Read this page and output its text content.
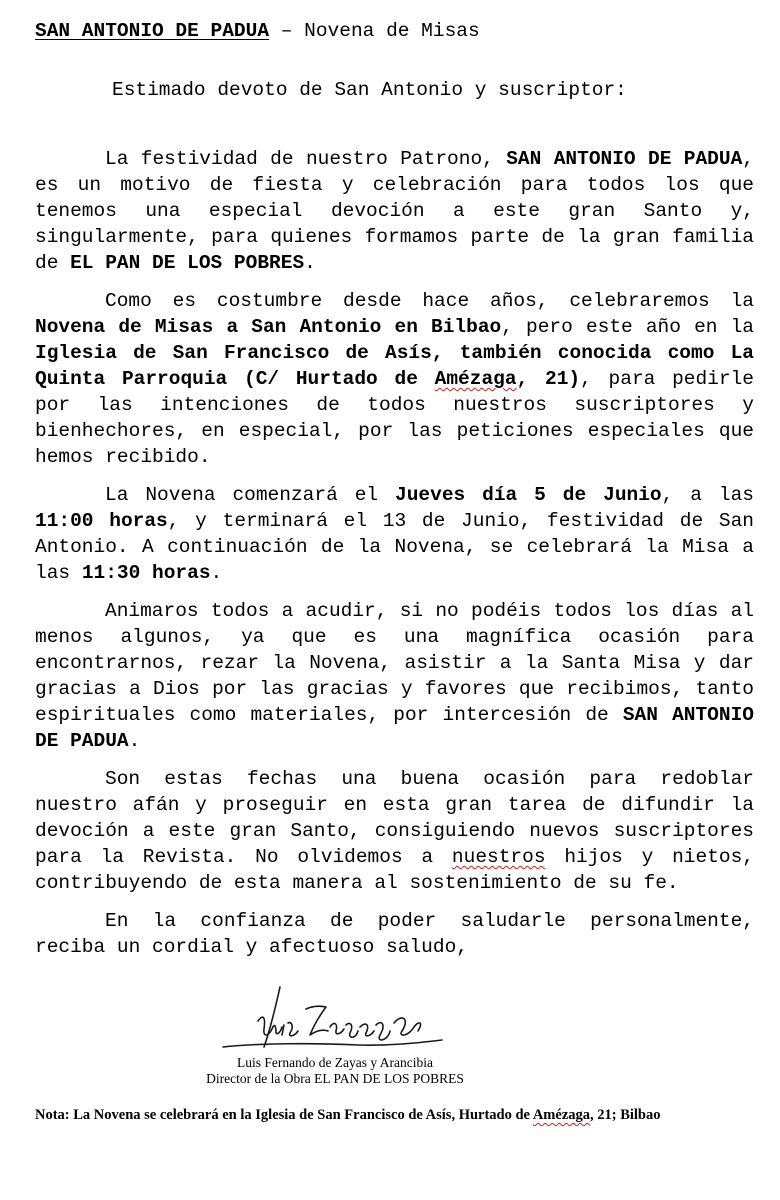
SAN ANTONIO DE PADUA – Novena de Misas
Estimado devoto de San Antonio y suscriptor:

La festividad de nuestro Patrono, SAN ANTONIO DE PADUA, es un motivo de fiesta y celebración para todos los que tenemos una especial devoción a este gran Santo y, singularmente, para quienes formamos parte de la gran familia de EL PAN DE LOS POBRES.

Como es costumbre desde hace años, celebraremos la Novena de Misas a San Antonio en Bilbao, pero este año en la Iglesia de San Francisco de Asís, también conocida como La Quinta Parroquia (C/ Hurtado de Amézaga, 21), para pedirle por las intenciones de todos nuestros suscriptores y bienhechores, en especial, por las peticiones especiales que hemos recibido.

La Novena comenzará el Jueves día 5 de Junio, a las 11:00 horas, y terminará el 13 de Junio, festividad de San Antonio. A continuación de la Novena, se celebrará la Misa a las 11:30 horas.

Animaros todos a acudir, si no podéis todos los días al menos algunos, ya que es una magnífica ocasión para encontrarnos, rezar la Novena, asistir a la Santa Misa y dar gracias a Dios por las gracias y favores que recibimos, tanto espirituales como materiales, por intercesión de SAN ANTONIO DE PADUA.

Son estas fechas una buena ocasión para redoblar nuestro afán y proseguir en esta gran tarea de difundir la devoción a este gran Santo, consiguiendo nuevos suscriptores para la Revista. No olvidemos a nuestros hijos y nietos, contribuyendo de esta manera al sostenimiento de su fe.

En la confianza de poder saludarle personalmente, reciba un cordial y afectuoso saludo,

Luis Fernando de Zayas y Arancibia
Director de la Obra EL PAN DE LOS POBRES
Nota: La Novena se celebrará en la Iglesia de San Francisco de Asís, Hurtado de Amézaga, 21; Bilbao
